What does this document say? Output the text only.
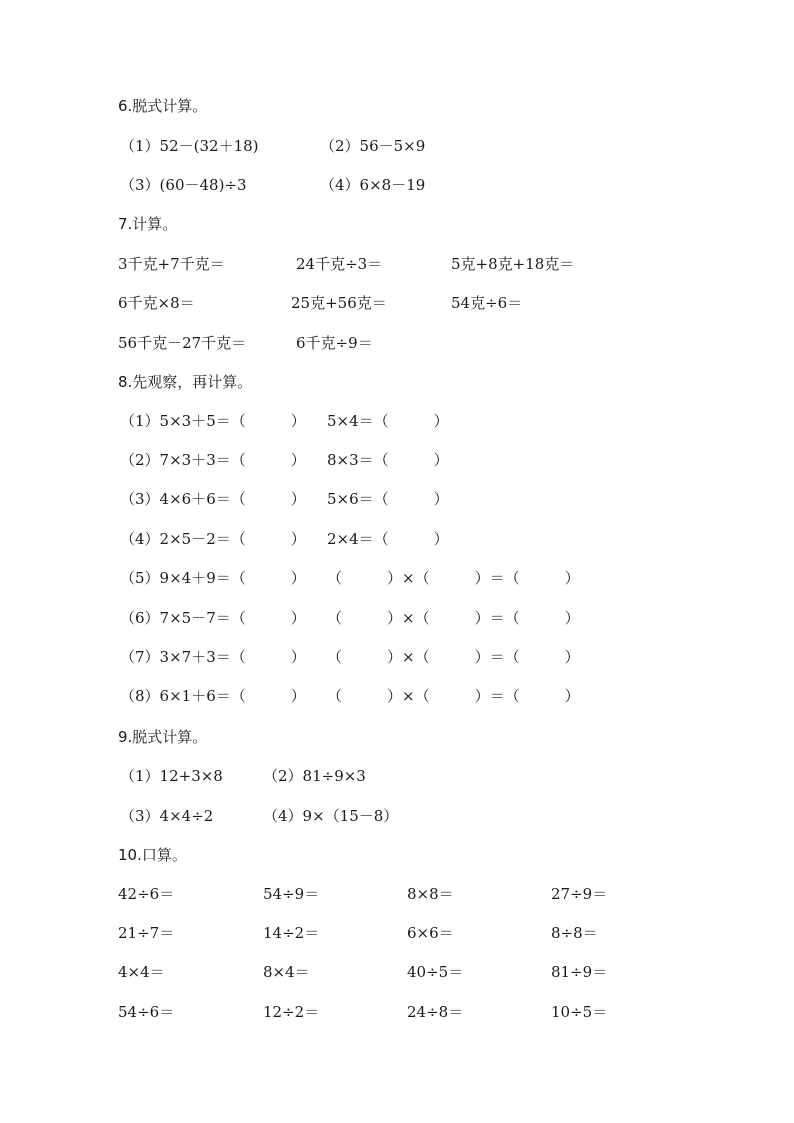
6.脱式计算。
（1）52－(32＋18)	（2）56－5×9
（3）(60－48)÷3	（4）6×8－19
7.计算。
3千克+7千克＝	24千克÷3＝	5克+8克+18克＝
6千克×8＝	25克+56克＝	54克÷6＝
56千克－27千克＝	6千克÷9＝
8.先观察，再计算。
（1）5×3＋5＝（　　　） 5×4＝（　　　）
（2）7×3＋3＝（　　　） 8×3＝（　　　）
（3）4×6＋6＝（　　　） 5×6＝（　　　）
（4）2×5－2＝（　　　） 2×4＝（　　　）
（5）9×4＋9＝（　　　） （　　　）×（　　　）＝（　　　）
（6）7×5－7＝（　　　） （　　　）×（　　　）＝（　　　）
（7）3×7＋3＝（　　　） （　　　）×（　　　）＝（　　　）
（8）6×1＋6＝（　　　） （　　　）×（　　　）＝（　　　）
9.脱式计算。
（1）12+3×8	（2）81÷9×3
（3）4×4÷2	（4）9×（15－8）
10.口算。
42÷6＝	54÷9＝	8×8＝	27÷9＝
21÷7＝	14÷2＝	6×6＝	8÷8＝
4×4＝	8×4＝	40÷5＝	81÷9＝
54÷6＝	12÷2＝	24÷8＝	10÷5＝
